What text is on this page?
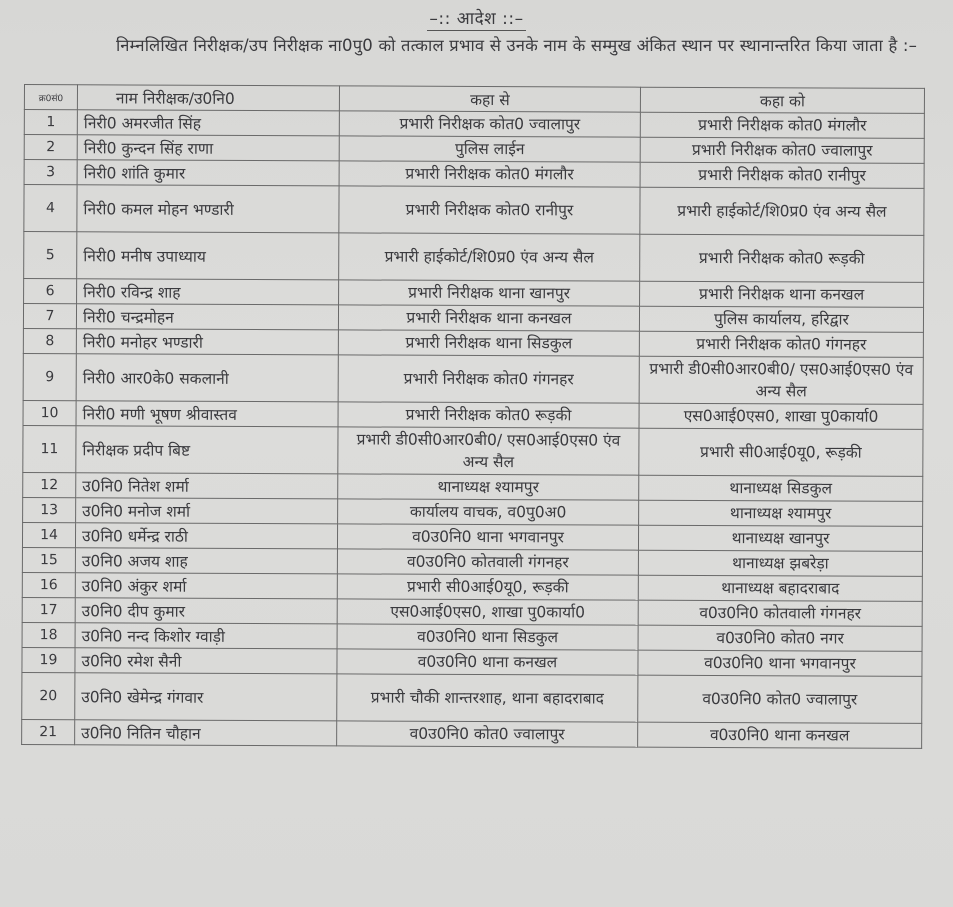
–:: आदेश ::–
निम्नलिखित निरीक्षक/उप निरीक्षक ना0पु0 को तत्काल प्रभाव से उनके नाम के सम्मुख अंकित स्थान पर स्थानान्तरित किया जाता है :–
क्र0सं0	नाम निरीक्षक/उ0नि0	कहा से	कहा को
1	निरी0 अमरजीत सिंह	प्रभारी निरीक्षक कोत0 ज्वालापुर	प्रभारी निरीक्षक कोत0 मंगलौर
2	निरी0 कुन्दन सिंह राणा	पुलिस लाईन	प्रभारी निरीक्षक कोत0 ज्वालापुर
3	निरी0 शांति कुमार	प्रभारी निरीक्षक कोत0 मंगलौर	प्रभारी निरीक्षक कोत0 रानीपुर
4	निरी0 कमल मोहन भण्डारी	प्रभारी निरीक्षक कोत0 रानीपुर	प्रभारी हाईकोर्ट/शि0प्र0 एंव अन्य सैल
5	निरी0 मनीष उपाध्याय	प्रभारी हाईकोर्ट/शि0प्र0 एंव अन्य सैल	प्रभारी निरीक्षक कोत0 रूड़की
6	निरी0 रविन्द्र शाह	प्रभारी निरीक्षक थाना खानपुर	प्रभारी निरीक्षक थाना कनखल
7	निरी0 चन्द्रमोहन	प्रभारी निरीक्षक थाना कनखल	पुलिस कार्यालय, हरिद्वार
8	निरी0 मनोहर भण्डारी	प्रभारी निरीक्षक थाना सिडकुल	प्रभारी निरीक्षक कोत0 गंगनहर
9	निरी0 आर0के0 सकलानी	प्रभारी निरीक्षक कोत0 गंगनहर	प्रभारी डी0सी0आर0बी0/ एस0आई0एस0 एंव अन्य सैल
10	निरी0 मणी भूषण श्रीवास्तव	प्रभारी निरीक्षक कोत0 रूड़की	एस0आई0एस0, शाखा पु0कार्या0
11	निरीक्षक प्रदीप बिष्ट	प्रभारी डी0सी0आर0बी0/ एस0आई0एस0 एंव अन्य सैल	प्रभारी सी0आई0यू0, रूड़की
12	उ0नि0 नितेश शर्मा	थानाध्यक्ष श्यामपुर	थानाध्यक्ष सिडकुल
13	उ0नि0 मनोज शर्मा	कार्यालय वाचक, व0पु0अ0	थानाध्यक्ष श्यामपुर
14	उ0नि0 धर्मेन्द्र राठी	व0उ0नि0 थाना भगवानपुर	थानाध्यक्ष खानपुर
15	उ0नि0 अजय शाह	व0उ0नि0 कोतवाली गंगनहर	थानाध्यक्ष झबरेड़ा
16	उ0नि0 अंकुर शर्मा	प्रभारी सी0आई0यू0, रूड़की	थानाध्यक्ष बहादराबाद
17	उ0नि0 दीप कुमार	एस0आई0एस0, शाखा पु0कार्या0	व0उ0नि0 कोतवाली गंगनहर
18	उ0नि0 नन्द किशोर ग्वाड़ी	व0उ0नि0 थाना सिडकुल	व0उ0नि0 कोत0 नगर
19	उ0नि0 रमेश सैनी	व0उ0नि0 थाना कनखल	व0उ0नि0 थाना भगवानपुर
20	उ0नि0 खेमेन्द्र गंगवार	प्रभारी चौकी शान्तरशाह, थाना बहादराबाद	व0उ0नि0 कोत0 ज्वालापुर
21	उ0नि0 नितिन चौहान	व0उ0नि0 कोत0 ज्वालापुर	व0उ0नि0 थाना कनखल
